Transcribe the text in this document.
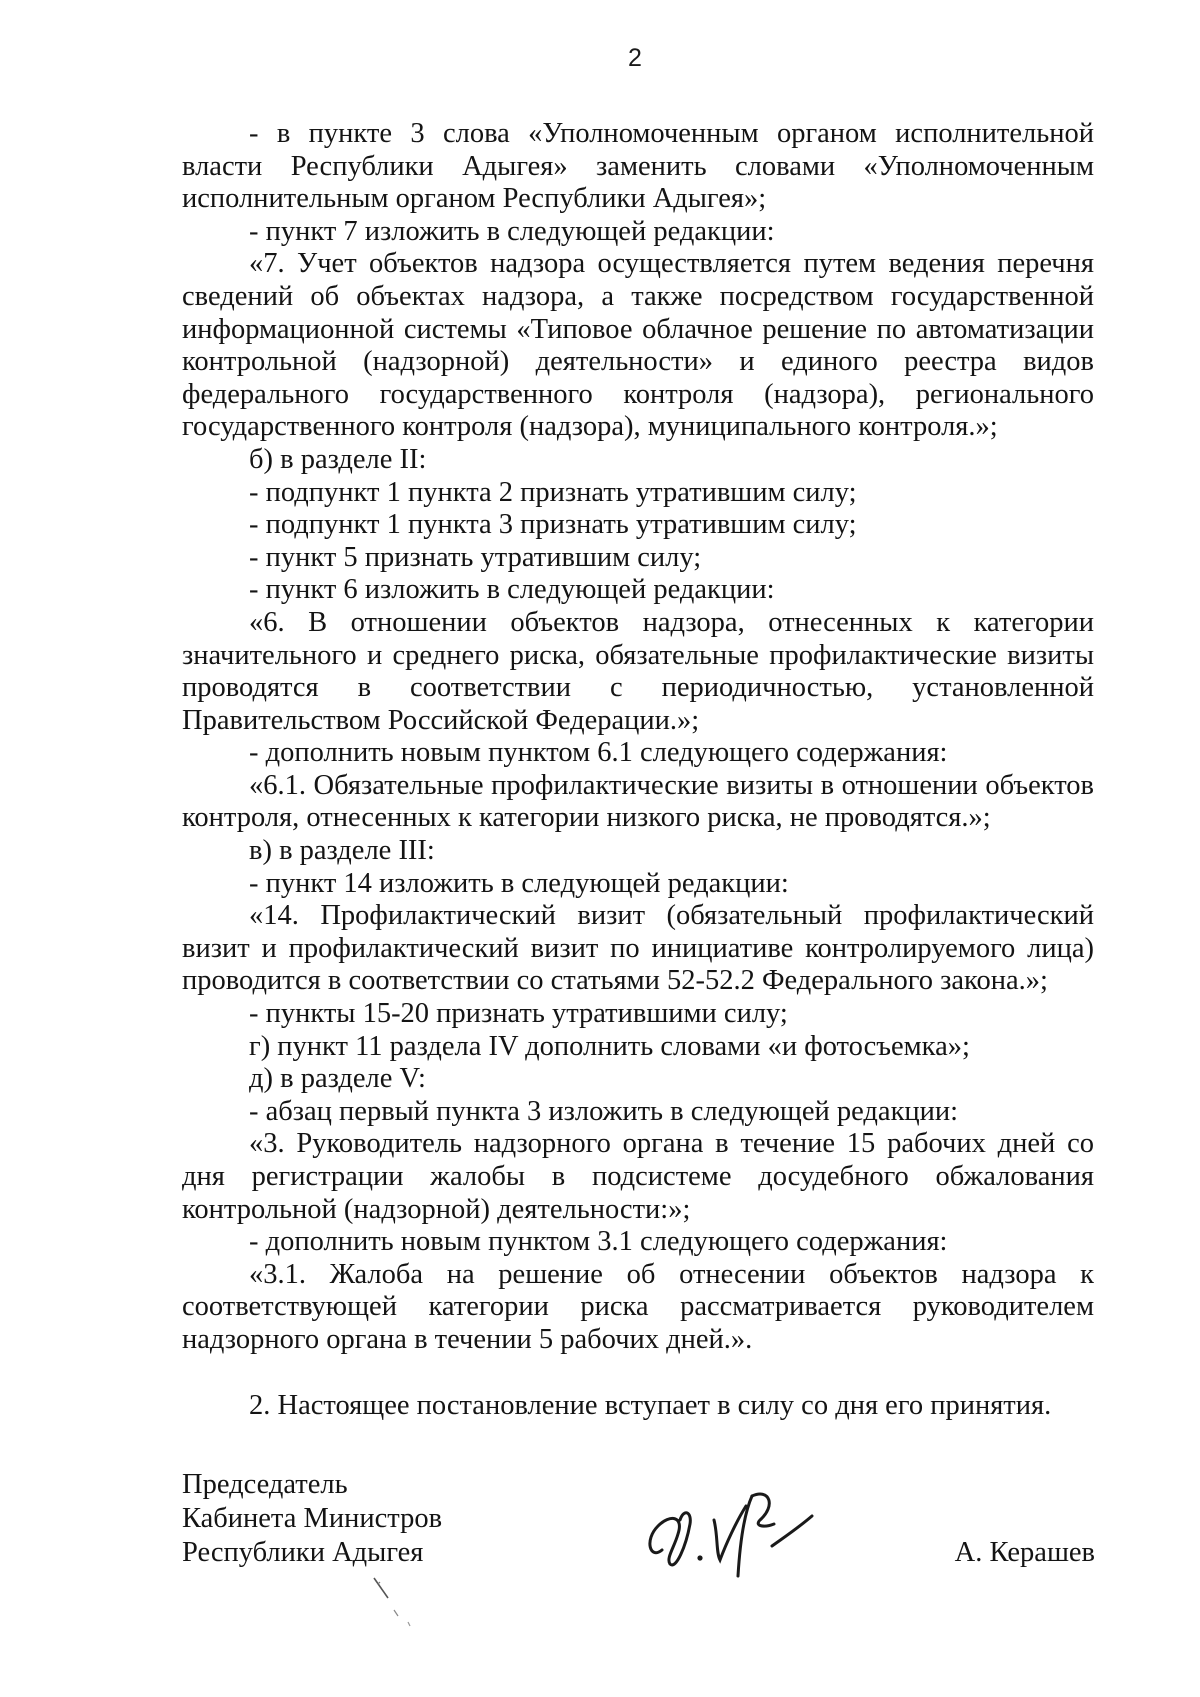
2

- в пункте 3 слова «Уполномоченным органом исполнительной власти Республики Адыгея» заменить словами «Уполномоченным исполнительным органом Республики Адыгея»;

- пункт 7 изложить в следующей редакции:

«7. Учет объектов надзора осуществляется путем ведения перечня сведений об объектах надзора, а также посредством государственной информационной системы «Типовое облачное решение по автоматизации контрольной (надзорной) деятельности» и единого реестра видов федерального государственного контроля (надзора), регионального государственного контроля (надзора), муниципального контроля.»;

б) в разделе II:

- подпункт 1 пункта 2 признать утратившим силу;

- подпункт 1 пункта 3 признать утратившим силу;

- пункт 5 признать утратившим силу;

- пункт 6 изложить в следующей редакции:

«6. В отношении объектов надзора, отнесенных к категории значительного и среднего риска, обязательные профилактические визиты проводятся в соответствии с периодичностью, установленной Правительством Российской Федерации.»;

- дополнить новым пунктом 6.1 следующего содержания:

«6.1. Обязательные профилактические визиты в отношении объектов контроля, отнесенных к категории низкого риска, не проводятся.»;

в) в разделе III:

- пункт 14 изложить в следующей редакции:

«14. Профилактический визит (обязательный профилактический визит и профилактический визит по инициативе контролируемого лица) проводится в соответствии со статьями 52-52.2 Федерального закона.»;

- пункты 15-20 признать утратившими силу;

г) пункт 11 раздела IV дополнить словами «и фотосъемка»;

д) в разделе V:

- абзац первый пункта 3 изложить в следующей редакции:

«3. Руководитель надзорного органа в течение 15 рабочих дней со дня регистрации жалобы в подсистеме досудебного обжалования контрольной (надзорной) деятельности:»;

- дополнить новым пунктом 3.1 следующего содержания:

«3.1. Жалоба на решение об отнесении объектов надзора к соответствующей категории риска рассматривается руководителем надзорного органа в течении 5 рабочих дней.».

2. Настоящее постановление вступает в силу со дня его принятия.

Председатель
Кабинета Министров
Республики Адыгея	А. Керашев
